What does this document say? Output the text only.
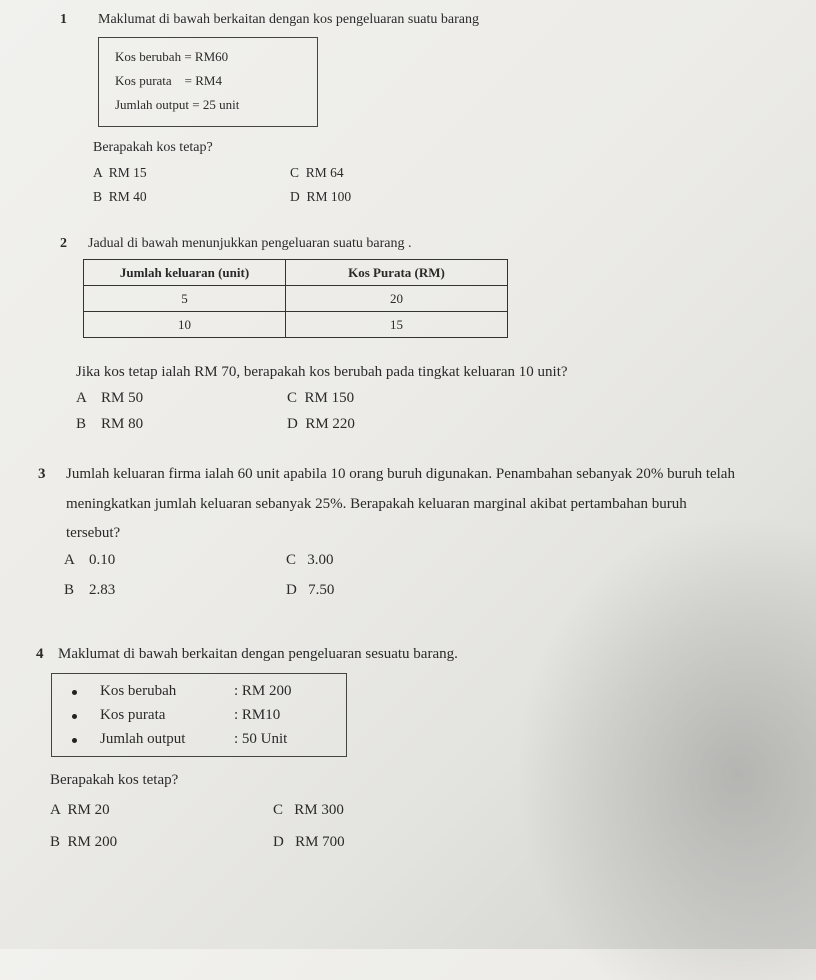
1 Maklumat di bawah berkaitan dengan kos pengeluaran suatu barang
Kos berubah = RM60
Kos purata    = RM4
Jumlah output = 25 unit
Berapakah kos tetap?
A  RM 15	C  RM 64
B  RM 40	D  RM 100
2 Jadual di bawah menunjukkan pengeluaran suatu barang .
Jumlah keluaran (unit)	Kos Purata (RM)
5	20
10	15
Jika kos tetap ialah RM 70, berapakah kos berubah pada tingkat keluaran 10 unit?
A    RM 50	C  RM 150
B    RM 80	D  RM 220
3 Jumlah keluaran firma ialah 60 unit apabila 10 orang buruh digunakan. Penambahan sebanyak 20% buruh telah
meningkatkan jumlah keluaran sebanyak 25%. Berapakah keluaran marginal akibat pertambahan buruh
tersebut?
A    0.10	C   3.00
B    2.83	D   7.50
4 Maklumat di bawah berkaitan dengan pengeluaran sesuatu barang.
Kos berubah	: RM 200
Kos purata	: RM10
Jumlah output	: 50 Unit
Berapakah kos tetap?
A  RM 20	C   RM 300
B  RM 200	D   RM 700
